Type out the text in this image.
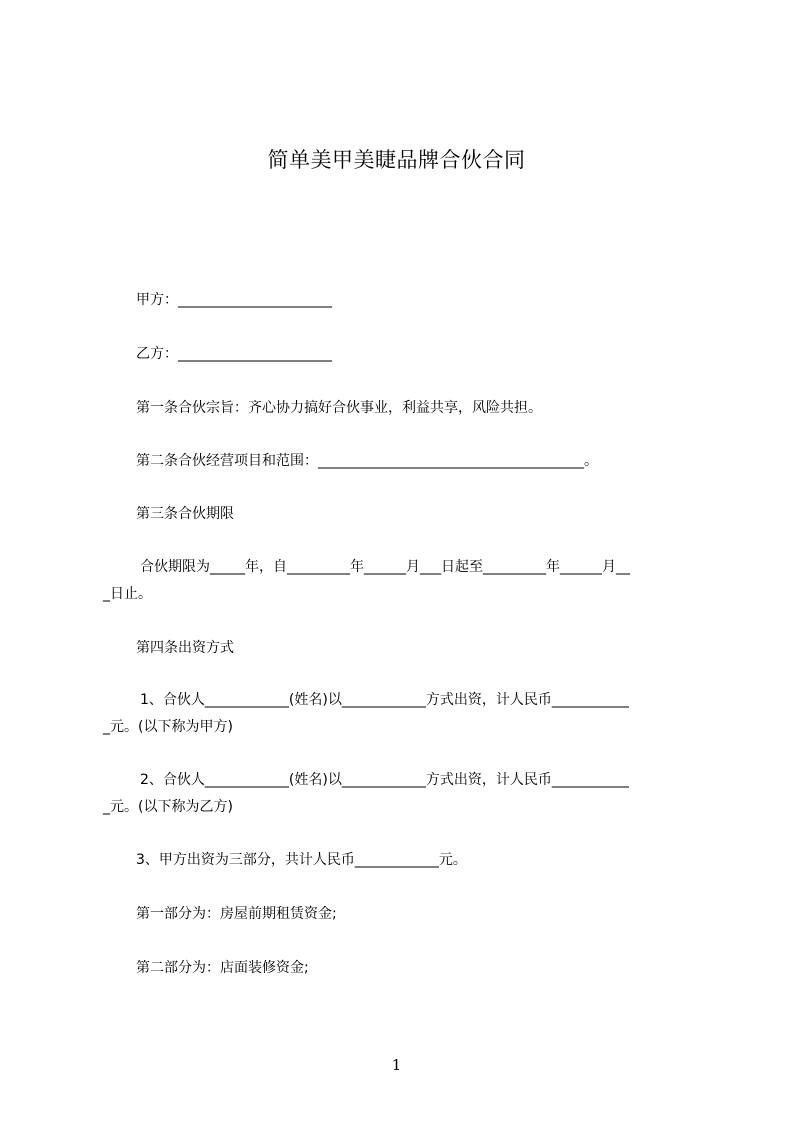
简单美甲美睫品牌合伙合同
甲方：______________________
乙方：______________________
第一条合伙宗旨：齐心协力搞好合伙事业，利益共享，风险共担。
第二条合伙经营项目和范围：______________________________________。
第三条合伙期限
合伙期限为_____年，自_________年______月___日起至_________年______月__
_日止。
第四条出资方式
1、合伙人____________(姓名)以____________方式出资，计人民币___________
_元。(以下称为甲方)
2、合伙人____________(姓名)以____________方式出资，计人民币___________
_元。(以下称为乙方)
3、甲方出资为三部分，共计人民币____________元。
第一部分为：房屋前期租赁资金;
第二部分为：店面装修资金;
1
